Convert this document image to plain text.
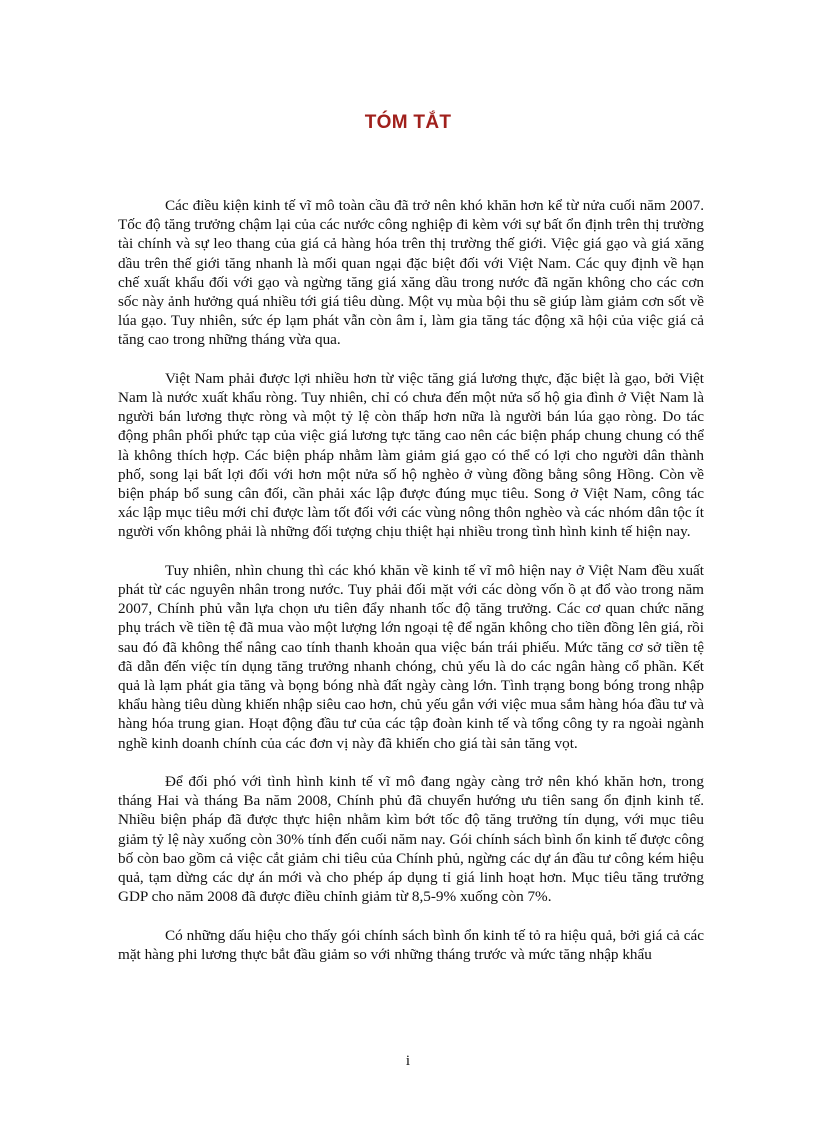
TÓM TẮT

Các điều kiện kinh tế vĩ mô toàn cầu đã trở nên khó khăn hơn kể từ nửa cuối năm 2007. Tốc độ tăng trưởng chậm lại của các nước công nghiệp đi kèm với sự bất ổn định trên thị trường tài chính và sự leo thang của giá cả hàng hóa trên thị trường thế giới. Việc giá gạo và giá xăng dầu trên thế giới tăng nhanh là mối quan ngại đặc biệt đối với Việt Nam. Các quy định về hạn chế xuất khẩu đối với gạo và ngừng tăng giá xăng dầu trong nước đã ngăn không cho các cơn sốc này ảnh hưởng quá nhiều tới giá tiêu dùng. Một vụ mùa bội thu sẽ giúp làm giảm cơn sốt về lúa gạo. Tuy nhiên, sức ép lạm phát vẫn còn âm ỉ, làm gia tăng tác động xã hội của việc giá cả tăng cao trong những tháng vừa qua.

Việt Nam phải được lợi nhiều hơn từ việc tăng giá lương thực, đặc biệt là gạo, bởi Việt Nam là nước xuất khẩu ròng. Tuy nhiên, chỉ có chưa đến một nửa số hộ gia đình ở Việt Nam là người bán lương thực ròng và một tỷ lệ còn thấp hơn nữa là người bán lúa gạo ròng. Do tác động phân phối phức tạp của việc giá lương tực tăng cao nên các biện pháp chung chung có thể là không thích hợp. Các biện pháp nhằm làm giảm giá gạo có thể có lợi cho người dân thành phố, song lại bất lợi đối với hơn một nửa số hộ nghèo ở vùng đồng bằng sông Hồng. Còn về biện pháp bổ sung cân đối, cần phải xác lập được đúng mục tiêu. Song ở Việt Nam, công tác xác lập mục tiêu mới chỉ được làm tốt đối với các vùng nông thôn nghèo và các nhóm dân tộc ít người vốn không phải là những đối tượng chịu thiệt hại nhiều trong tình hình kinh tế hiện nay.

Tuy nhiên, nhìn chung thì các khó khăn về kinh tế vĩ mô hiện nay ở Việt Nam đều xuất phát từ các nguyên nhân trong nước. Tuy phải đối mặt với các dòng vốn ồ ạt đổ vào trong năm 2007, Chính phủ vẫn lựa chọn ưu tiên đẩy nhanh tốc độ tăng trưởng. Các cơ quan chức năng phụ trách về tiền tệ đã mua vào một lượng lớn ngoại tệ để ngăn không cho tiền đồng lên giá, rồi sau đó đã không thể nâng cao tính thanh khoản qua việc bán trái phiếu. Mức tăng cơ sở tiền tệ đã dẫn đến việc tín dụng tăng trưởng nhanh chóng, chủ yếu là do các ngân hàng cổ phần. Kết quả là lạm phát gia tăng và bọng bóng nhà đất ngày càng lớn. Tình trạng bong bóng trong nhập khẩu hàng tiêu dùng khiến nhập siêu cao hơn, chủ yếu gắn với việc mua sắm hàng hóa đầu tư và hàng hóa trung gian. Hoạt động đầu tư của các tập đoàn kinh tế và tổng công ty ra ngoài ngành nghề kinh doanh chính của các đơn vị này đã khiến cho giá tài sản tăng vọt.

Để đối phó với tình hình kinh tế vĩ mô đang ngày càng trở nên khó khăn hơn, trong tháng Hai và tháng Ba năm 2008, Chính phủ đã chuyển hướng ưu tiên sang ổn định kinh tế. Nhiều biện pháp đã được thực hiện nhằm kìm bớt tốc độ tăng trưởng tín dụng, với mục tiêu giảm tỷ lệ này xuống còn 30% tính đến cuối năm nay. Gói chính sách bình ổn kinh tế được công bố còn bao gồm cả việc cắt giảm chi tiêu của Chính phủ, ngừng các dự án đầu tư công kém hiệu quả, tạm dừng các dự án mới và cho phép áp dụng tỉ giá linh hoạt hơn. Mục tiêu tăng trưởng GDP cho năm 2008 đã được điều chỉnh giảm từ 8,5-9% xuống còn 7%.

Có những dấu hiệu cho thấy gói chính sách bình ổn kinh tế tỏ ra hiệu quả, bởi giá cả các mặt hàng phi lương thực bắt đầu giảm so với những tháng trước và mức tăng nhập khẩu

i
